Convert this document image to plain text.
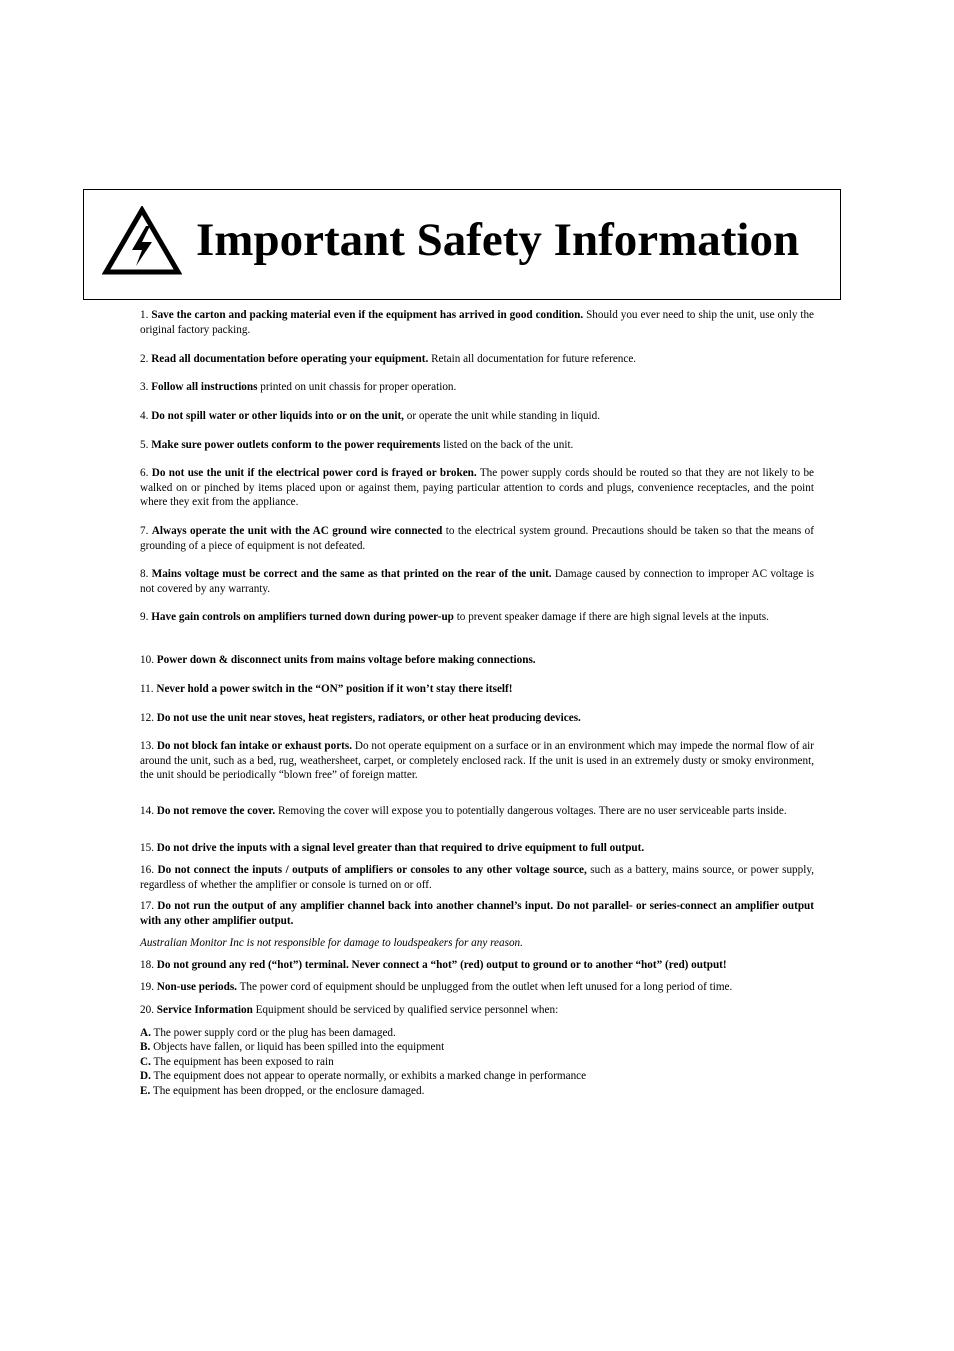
Important Safety Information

1. Save the carton and packing material even if the equipment has arrived in good condition. Should you ever need to ship the unit, use only the original factory packing.

2. Read all documentation before operating your equipment. Retain all documentation for future reference.

3. Follow all instructions printed on unit chassis for proper operation.

4. Do not spill water or other liquids into or on the unit, or operate the unit while standing in liquid.

5. Make sure power outlets conform to the power requirements listed on the back of the unit.

6. Do not use the unit if the electrical power cord is frayed or broken. The power supply cords should be routed so that they are not likely to be walked on or pinched by items placed upon or against them, paying particular attention to cords and plugs, convenience receptacles, and the point where they exit from the appliance.

7. Always operate the unit with the AC ground wire connected to the electrical system ground. Precautions should be taken so that the means of grounding of a piece of equipment is not defeated.

8. Mains voltage must be correct and the same as that printed on the rear of the unit. Damage caused by connection to improper AC voltage is not covered by any warranty.

9. Have gain controls on amplifiers turned down during power-up to prevent speaker damage if there are high signal levels at the inputs.

10. Power down & disconnect units from mains voltage before making connections.

11. Never hold a power switch in the “ON” position if it won’t stay there itself!

12. Do not use the unit near stoves, heat registers, radiators, or other heat producing devices.

13. Do not block fan intake or exhaust ports. Do not operate equipment on a surface or in an environment which may impede the normal flow of air around the unit, such as a bed, rug, weathersheet, carpet, or completely enclosed rack. If the unit is used in an extremely dusty or smoky environment, the unit should be periodically “blown free” of foreign matter.

14. Do not remove the cover. Removing the cover will expose you to potentially dangerous voltages. There are no user serviceable parts inside.

15. Do not drive the inputs with a signal level greater than that required to drive equipment to full output.

16. Do not connect the inputs / outputs of amplifiers or consoles to any other voltage source, such as a battery, mains source, or power supply, regardless of whether the amplifier or console is turned on or off.

17. Do not run the output of any amplifier channel back into another channel’s input. Do not parallel- or series-connect an amplifier output with any other amplifier output.

Australian Monitor Inc is not responsible for damage to loudspeakers for any reason.

18. Do not ground any red (“hot”) terminal. Never connect a “hot” (red) output to ground or to another “hot” (red) output!

19. Non-use periods. The power cord of equipment should be unplugged from the outlet when left unused for a long period of time.

20. Service Information Equipment should be serviced by qualified service personnel when:

A. The power supply cord or the plug has been damaged.
B. Objects have fallen, or liquid has been spilled into the equipment
C. The equipment has been exposed to rain
D. The equipment does not appear to operate normally, or exhibits a marked change in performance
E. The equipment has been dropped, or the enclosure damaged.
